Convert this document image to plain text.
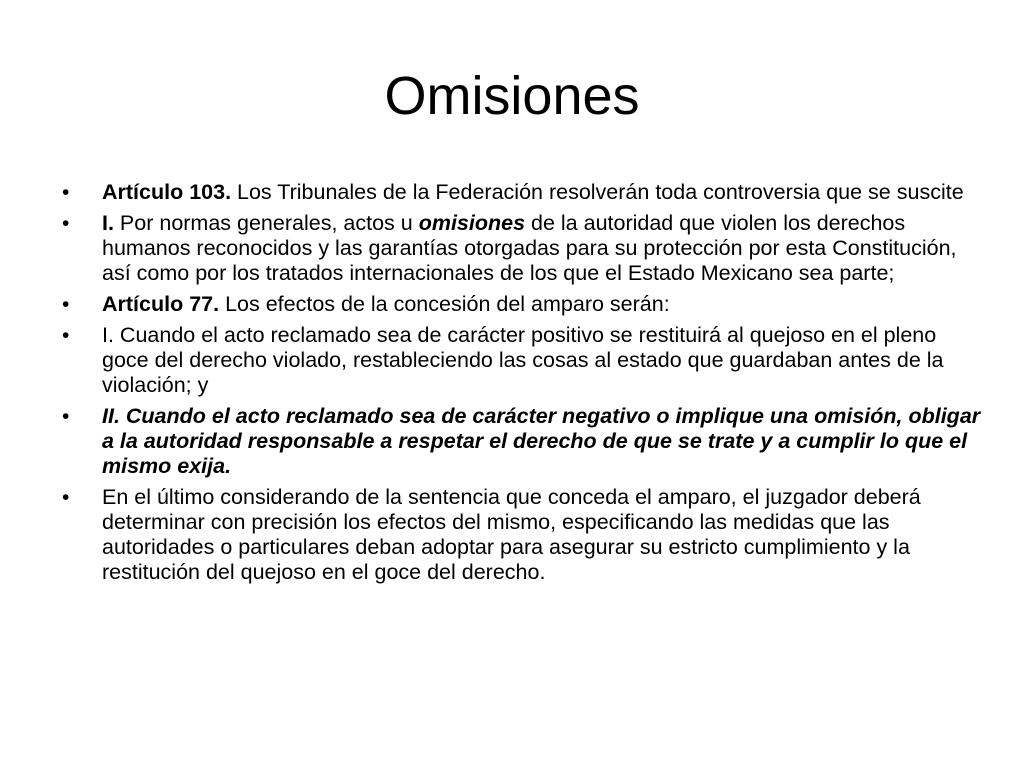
Omisiones
• Artículo 103. Los Tribunales de la Federación resolverán toda controversia que se suscite
• I. Por normas generales, actos u omisiones de la autoridad que violen los derechos humanos reconocidos y las garantías otorgadas para su protección por esta Constitución, así como por los tratados internacionales de los que el Estado Mexicano sea parte;
• Artículo 77. Los efectos de la concesión del amparo serán:
• I. Cuando el acto reclamado sea de carácter positivo se restituirá al quejoso en el pleno goce del derecho violado, restableciendo las cosas al estado que guardaban antes de la violación; y
• II. Cuando el acto reclamado sea de carácter negativo o implique una omisión, obligar a la autoridad responsable a respetar el derecho de que se trate y a cumplir lo que el mismo exija.
• En el último considerando de la sentencia que conceda el amparo, el juzgador deberá determinar con precisión los efectos del mismo, especificando las medidas que las autoridades o particulares deban adoptar para asegurar su estricto cumplimiento y la restitución del quejoso en el goce del derecho.
